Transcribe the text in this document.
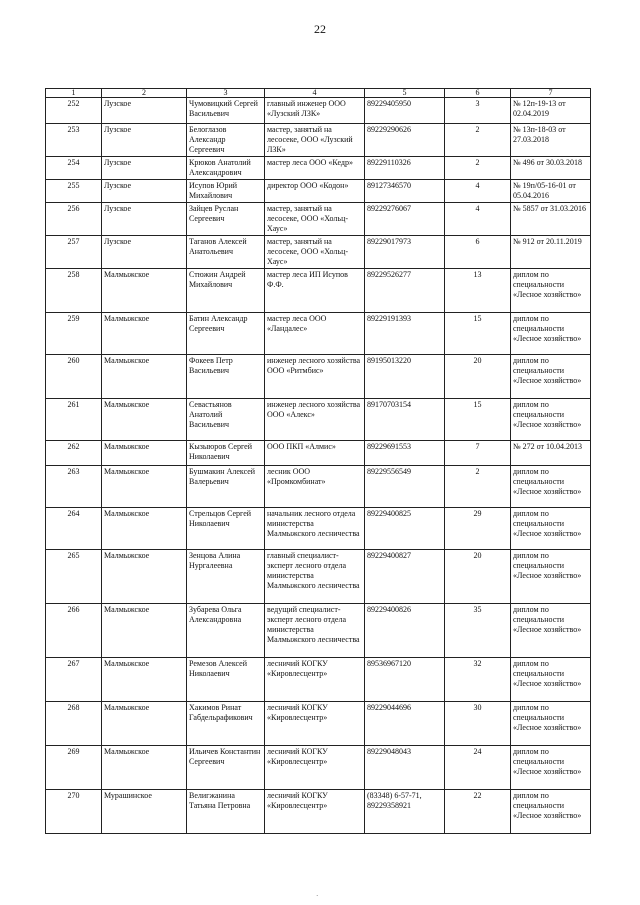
22
1	2	3	4	5	6	7
252	Лузское	Чумовицкий Сергей Васильевич	главный инженер ООО «Лузский ЛЗК»	89229405950	3	№ 12п-19-13 от 02.04.2019
253	Лузское	Белоглазов Александр Сергеевич	мастер, занятый на лесосеке, ООО «Лузский ЛЗК»	89229290626	2	№ 13п-18-03 от 27.03.2018
254	Лузское	Крюков Анатолий Александрович	мастер леса ООО «Кедр»	89229110326	2	№ 496 от 30.03.2018
255	Лузское	Исупов Юрий Михайлович	директор ООО «Кодон»	89127346570	4	№ 19п/05-16-01 от 05.04.2016
256	Лузское	Зайцев Руслан Сергеевич	мастер, занятый на лесосеке, ООО «Хольц-Хаус»	89229276067	4	№ 5857 от 31.03.2016
257	Лузское	Таганов Алексей Анатольевич	мастер, занятый на лесосеке, ООО «Хольц-Хаус»	89229017973	6	№ 912 от 20.11.2019
258	Малмыжское	Стюжин Андрей Михайлович	мастер леса ИП Исупов Ф.Ф.	89229526277	13	диплом по специальности «Лесное хозяйство»
259	Малмыжское	Батин Александр Сергеевич	мастер леса ООО «Ландалес»	89229191393	15	диплом по специальности «Лесное хозяйство»
260	Малмыжское	Фокеев Петр Васильевич	инженер лесного хозяйства ООО «Ритмбис»	89195013220	20	диплом по специальности «Лесное хозяйство»
261	Малмыжское	Севастьянов Анатолий Васильевич	инженер лесного хозяйства ООО «Алекс»	89170703154	15	диплом по специальности «Лесное хозяйство»
262	Малмыжское	Кызыюров Сергей Николаевич	ООО ПКП «Алмис»	89229691553	7	№ 272 от 10.04.2013
263	Малмыжское	Бушмакин Алексей Валерьевич	лесник ООО «Промкомбинат»	89229556549	2	диплом по специальности «Лесное хозяйство»
264	Малмыжское	Стрельцов Сергей Николаевич	начальник лесного отдела министерства Малмыжского лесничества	89229400825	29	диплом по специальности «Лесное хозяйство»
265	Малмыжское	Зенцова Алина Нургалеевна	главный специалист-эксперт лесного отдела министерства Малмыжского лесничества	89229400827	20	диплом по специальности «Лесное хозяйство»
266	Малмыжское	Зубарева Ольга Александровна	ведущий специалист-эксперт лесного отдела министерства Малмыжского лесничества	89229400826	35	диплом по специальности «Лесное хозяйство»
267	Малмыжское	Ремезов Алексей Николаевич	лесничий КОГКУ «Кировлесцентр»	89536967120	32	диплом по специальности «Лесное хозяйство»
268	Малмыжское	Хакимов Ринат Габдельрафикович	лесничий КОГКУ «Кировлесцентр»	89229044696	30	диплом по специальности «Лесное хозяйство»
269	Малмыжское	Ильичев Константин Сергеевич	лесничий КОГКУ «Кировлесцентр»	89229048043	24	диплом по специальности «Лесное хозяйство»
270	Мурашинское	Велигжанина Татьяна Петровна	лесничий КОГКУ «Кировлесцентр»	(83348) 6-57-71, 89229358921	22	диплом по специальности «Лесное хозяйство»
·
